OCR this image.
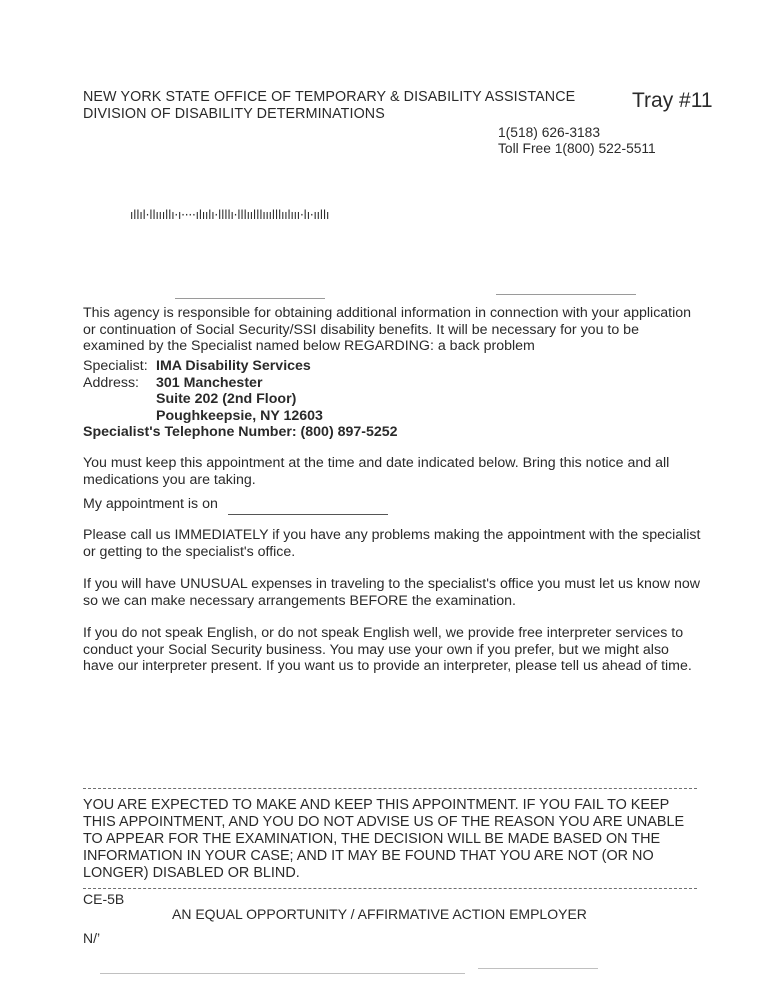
NEW YORK STATE OFFICE OF TEMPORARY & DISABILITY ASSISTANCE
DIVISION OF DISABILITY DETERMINATIONS
Tray #11
1(518) 626-3183
Toll Free 1(800) 522-5511
ıllıl·llıııllı·ı····ılıılı·llllı·lllıılllııılllıılııı·lı·ııllı
This agency is responsible for obtaining additional information in connection with your application or continuation of Social Security/SSI disability benefits. It will be necessary for you to be examined by the Specialist named below REGARDING: a back problem
Specialist: IMA Disability Services
Address: 301 Manchester
Suite 202 (2nd Floor)
Poughkeepsie, NY 12603
Specialist's Telephone Number: (800) 897-5252
You must keep this appointment at the time and date indicated below. Bring this notice and all medications you are taking.
My appointment is on
Please call us IMMEDIATELY if you have any problems making the appointment with the specialist or getting to the specialist's office.
If you will have UNUSUAL expenses in traveling to the specialist's office you must let us know now so we can make necessary arrangements BEFORE the examination.
If you do not speak English, or do not speak English well, we provide free interpreter services to conduct your Social Security business. You may use your own if you prefer, but we might also have our interpreter present. If you want us to provide an interpreter, please tell us ahead of time.
YOU ARE EXPECTED TO MAKE AND KEEP THIS APPOINTMENT. IF YOU FAIL TO KEEP THIS APPOINTMENT, AND YOU DO NOT ADVISE US OF THE REASON YOU ARE UNABLE TO APPEAR FOR THE EXAMINATION, THE DECISION WILL BE MADE BASED ON THE INFORMATION IN YOUR CASE; AND IT MAY BE FOUND THAT YOU ARE NOT (OR NO LONGER) DISABLED OR BLIND.
CE-5B
AN EQUAL OPPORTUNITY / AFFIRMATIVE ACTION EMPLOYER
N/’
